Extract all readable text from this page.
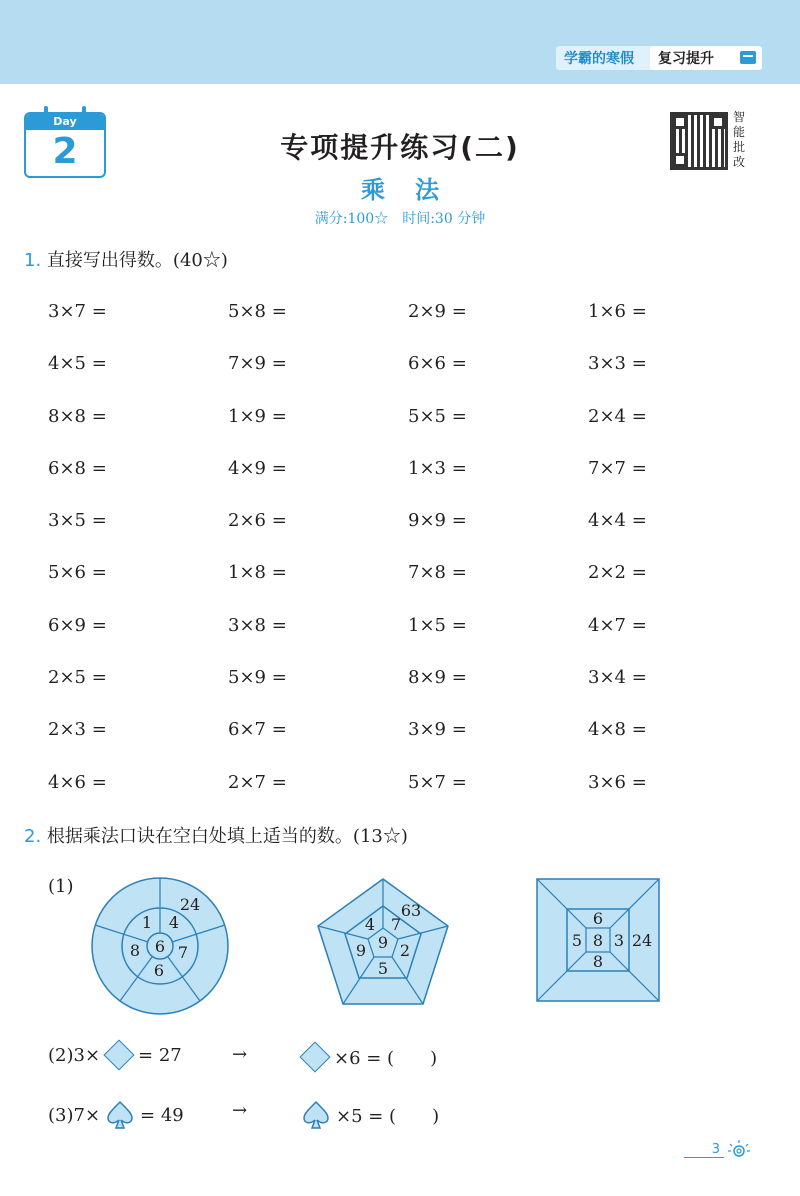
学霸的寒假	复习提升
Day
2	专项提升练习(二)
乘法
满分:100☆　时间:30 分钟
智
能
批
改
1. 直接写出得数。(40☆)
3×7 =	5×8 =	2×9 =	1×6 =
4×5 =	7×9 =	6×6 =	3×3 =
8×8 =	1×9 =	5×5 =	2×4 =
6×8 =	4×9 =	1×3 =	7×7 =
3×5 =	2×6 =	9×9 =	4×4 =
5×6 =	1×8 =	7×8 =	2×2 =
6×9 =	3×8 =	1×5 =	4×7 =
2×5 =	5×9 =	8×9 =	3×4 =
2×3 =	6×7 =	3×9 =	4×8 =
4×6 =	2×7 =	5×7 =	3×6 =
2. 根据乘法口诀在空白处填上适当的数。(13☆)
(1)
6
1 4
7
6
8
24
9
4 7
2
5
9
63
8
6
3
8
5	24
(2)3× = 27	→	×6 = (　　)
(3)7× = 49	→	×5 = (　　)
3
